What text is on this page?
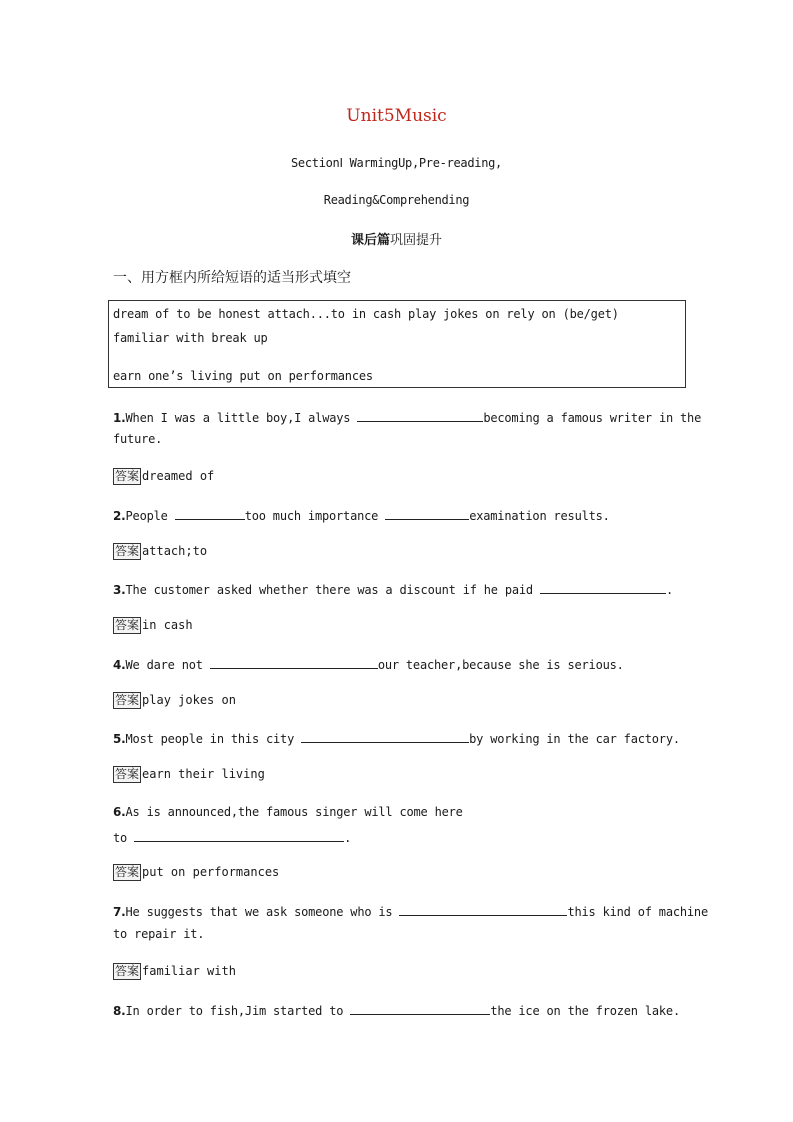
Unit5Music
SectionⅠ WarmingUp,Pre-reading,
Reading&Comprehending
课后篇巩固提升
一、用方框内所给短语的适当形式填空
dream of to be honest attach...to in cash play jokes on rely on (be/get)
familiar with break up
earn one’s living put on performances
1.When I was a little boy,I always	becoming a famous writer in the
future.
答案 dreamed of
2.People	too much importance	examination results.
答案 attach;to
3.The customer asked whether there was a discount if he paid	.
答案 in cash
4.We dare not	our teacher,because she is serious.
答案 play jokes on
5.Most people in this city	by working in the car factory.
答案 earn their living
6.As is announced,the famous singer will come here
to	.
答案 put on performances
7.He suggests that we ask someone who is	this kind of machine
to repair it.
答案 familiar with
8.In order to fish,Jim started to	the ice on the frozen lake.
